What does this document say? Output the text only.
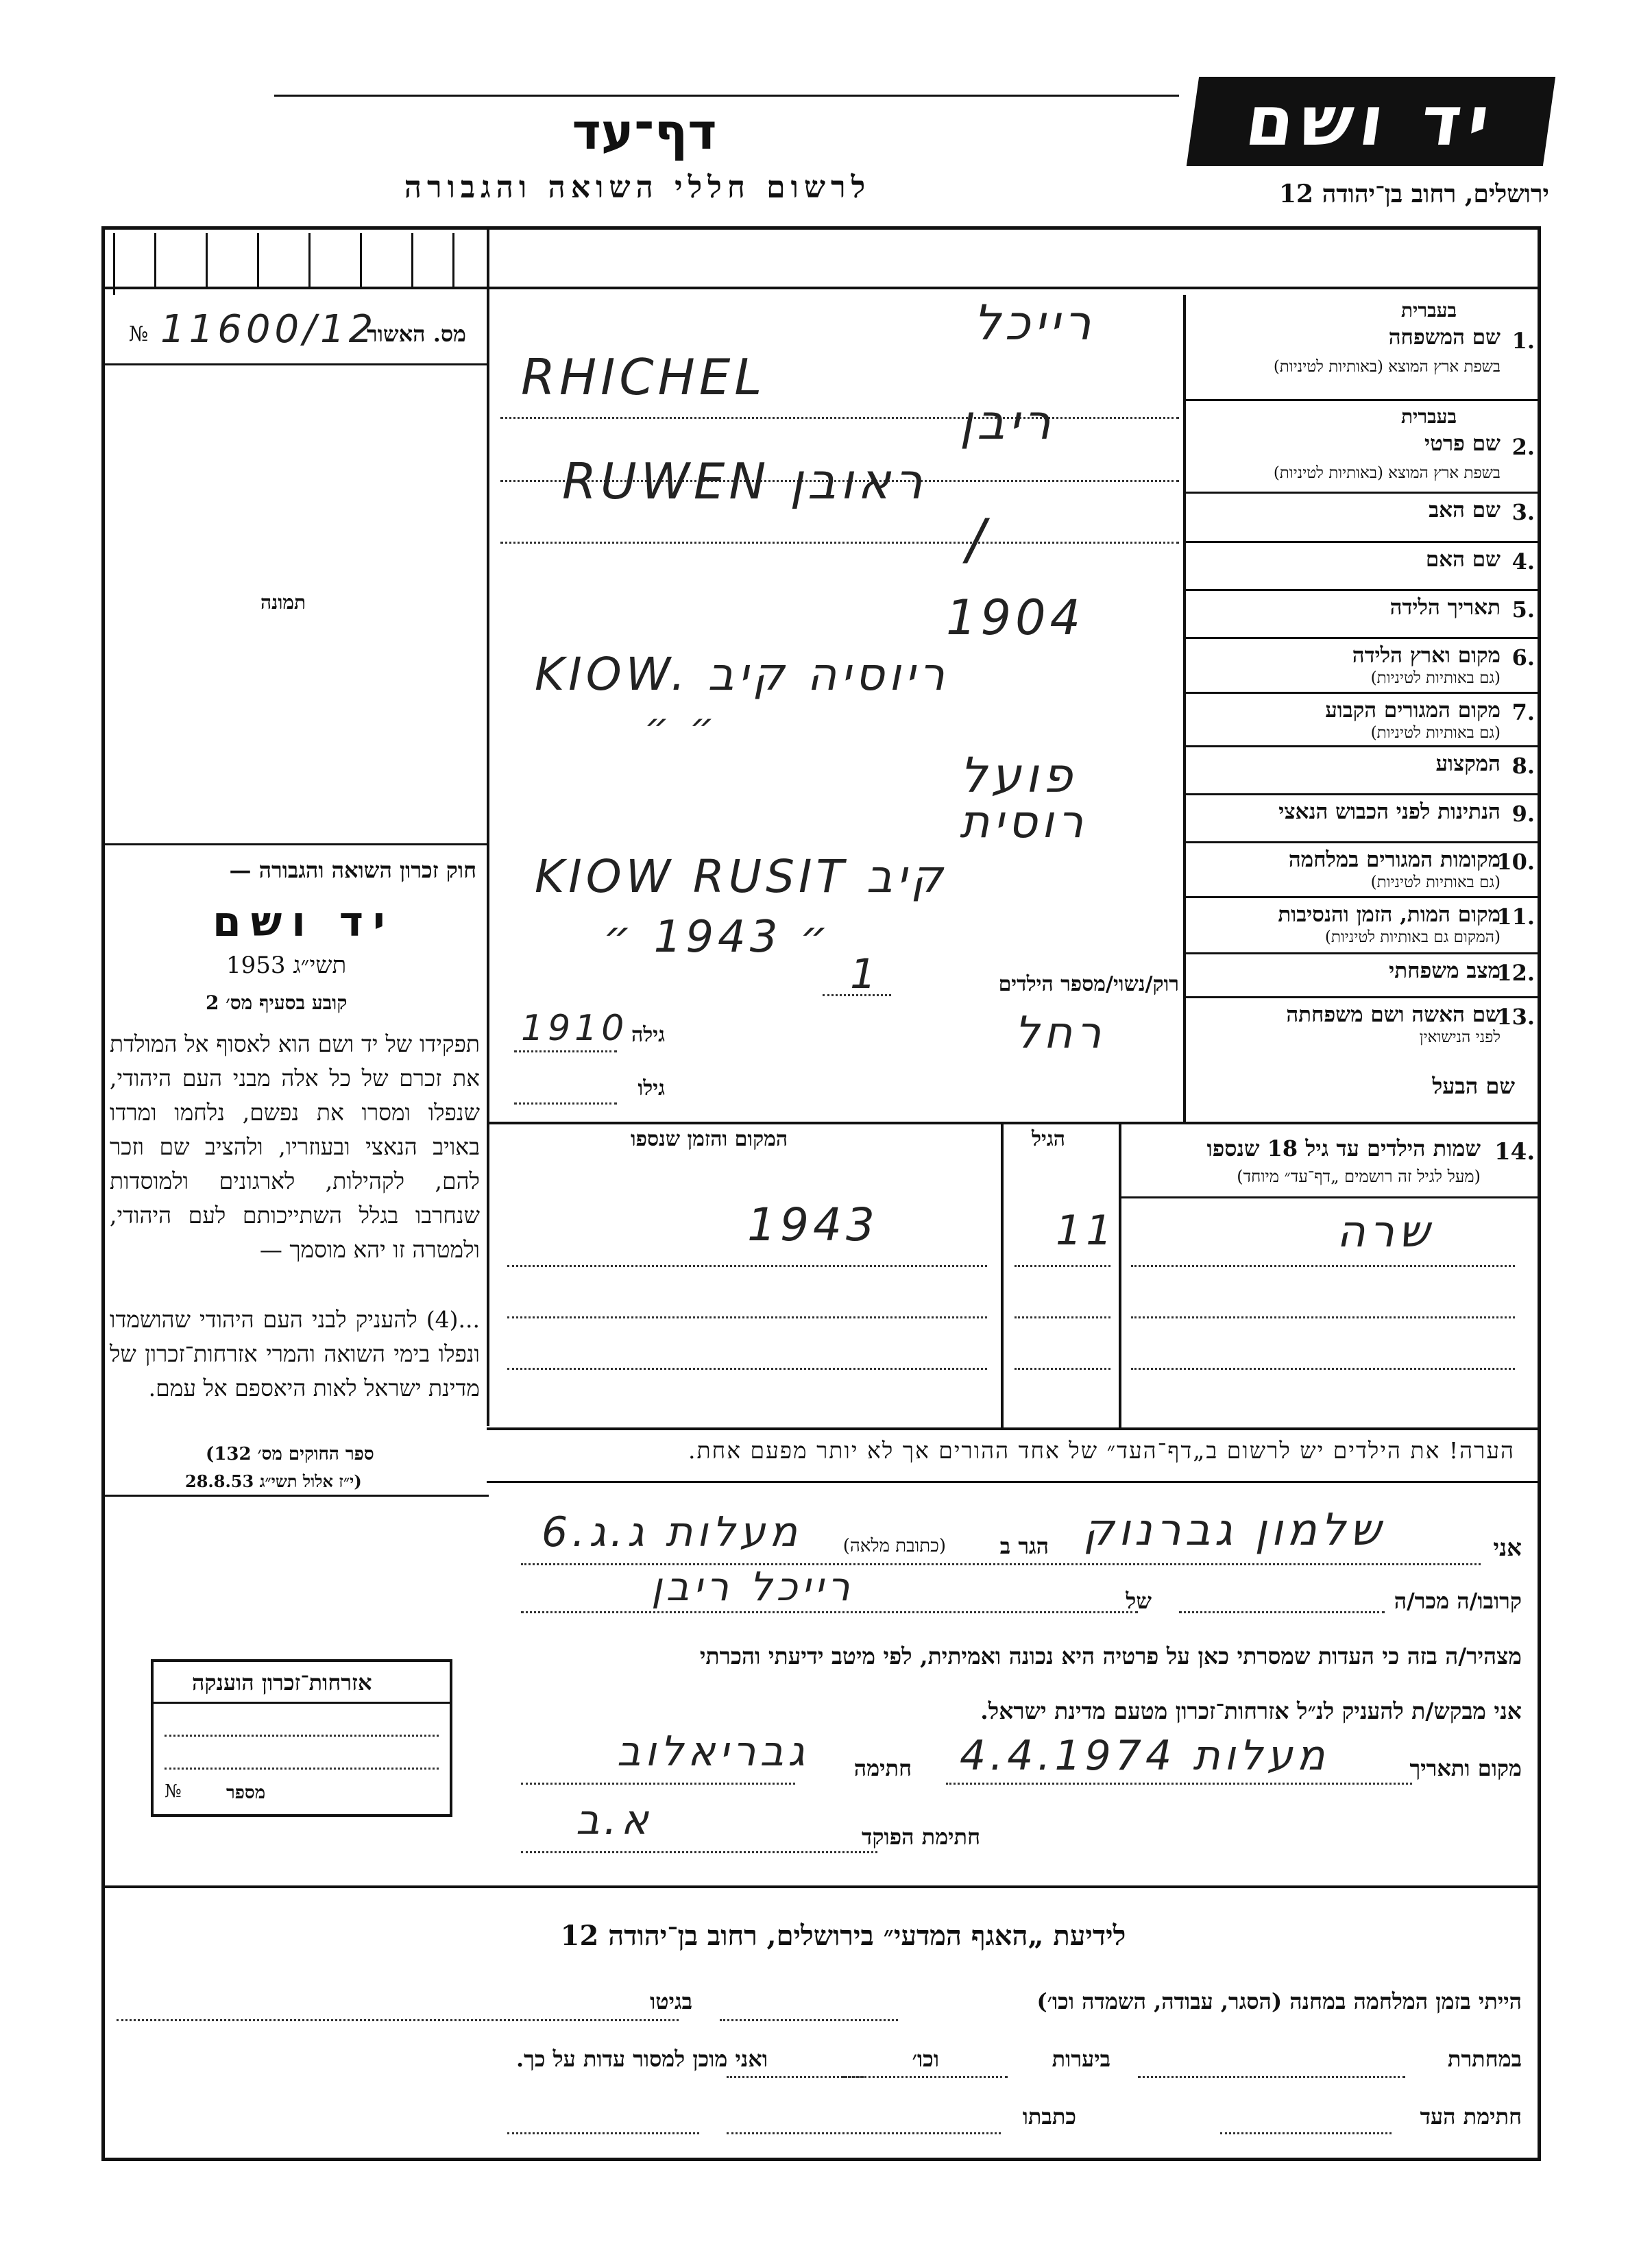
יד ושם
ירושלים, רחוב בן־יהודה 12
דף־עד
לרשום חללי השואה והגבורה
מס. האשור
№ 11600/12
תמונה
1.
שם המשפחה
בעברית
בשפת ארץ המוצא (באותיות לטיניות)
2.
שם פרטי
בעברית
בשפת ארץ המוצא (באותיות לטיניות)
3.
שם האב
4.
שם האם
5.
תאריך הלידה
6.
מקום וארץ הלידה
(גם באותיות לטיניות)
7.
מקום המגורים הקבוע
(גם באותיות לטיניות)
8.
המקצוע
9.
הנתינות לפני הכבוש הנאצי
10.
מקומות המגורים במלחמה
(גם באותיות לטיניות)
11.
מקום המות, הזמן והנסיבות
(המקום גם באותיות לטיניות)
12.
מצב משפחתי
13.
שם האשה ושם משפחתה
לפני הנישואין
רייכל
RHICHEL
ריבן
RUWEN ראובן
/
1904
KIOW. ריוסיה קיב
״ ״
פועל
רוסית
KIOW RUSIT קיב
״ 1943 ״
1
רחל
רוק/נשוי/מספר הילדים
גילה
1910
גילו	שם הבעל
14.
שמות הילדים עד גיל 18 שנספו
(מעל לגיל זה רושמים „דף־עד״ מיוחד)
הגיל
המקום והזמן שנספו
שרה
11
1943
חוק זכרון השואה והגבורה —
יד ושם
תשי״ג 1953
קובע בסעיף מס׳ 2
תפקידו של יד ושם הוא לאסוף אל המולדת את זכרם של כל אלה מבני העם היהודי, שנפלו ומסרו את נפשם, נלחמו ומרדו באויב הנאצי ובעוזריו, ולהציב שם וזכר להם, לקהילות, לארגונים ולמוסדות שנחרבו בגלל השתייכותם לעם היהודי, ולמטרה זו יהא מוסמך —
...(4) להעניק לבני העם היהודי שהושמדו ונפלו בימי השואה והמרי אזרחות־זכרון של מדינת ישראל לאות היאספם אל עמם.
(ספר החוקים מס׳ 132
י״ז אלול תשי״ג 28.8.53)
הערה! את הילדים יש לרשום ב„דף־העד״ של אחד ההורים אך לא יותר מפעם אחת.
אזרחות־זכרון הוענקה
№	מספר
אני
שלמון גברנוק
הגר ב
(כתובת מלאה)
מעלות ג.ג.6
קרובו/ה מכר/ה
של
רייכל ריבן
מצהיר/ה בזה כי העדות שמסרתי כאן על פרטיה היא נכונה ואמיתית, לפי מיטב ידיעתי והכרתי
אני מבקש/ת להעניק לנ״ל אזרחות־זכרון מטעם מדינת ישראל.
מקום ותאריך
מעלות 4.4.1974
חתימה
גבריאלוב
חתימת הפוקד
א.ב
לידיעת „האגף המדעי״ בירושלים, רחוב בן־יהודה 12
הייתי בזמן המלחמה במחנה (הסגר, עבודה, השמדה וכו׳)
בגיטו
במחתרת
ביערות
וכו׳
ואני מוכן למסור עדות על כך.
חתימת העד
כתבתו
